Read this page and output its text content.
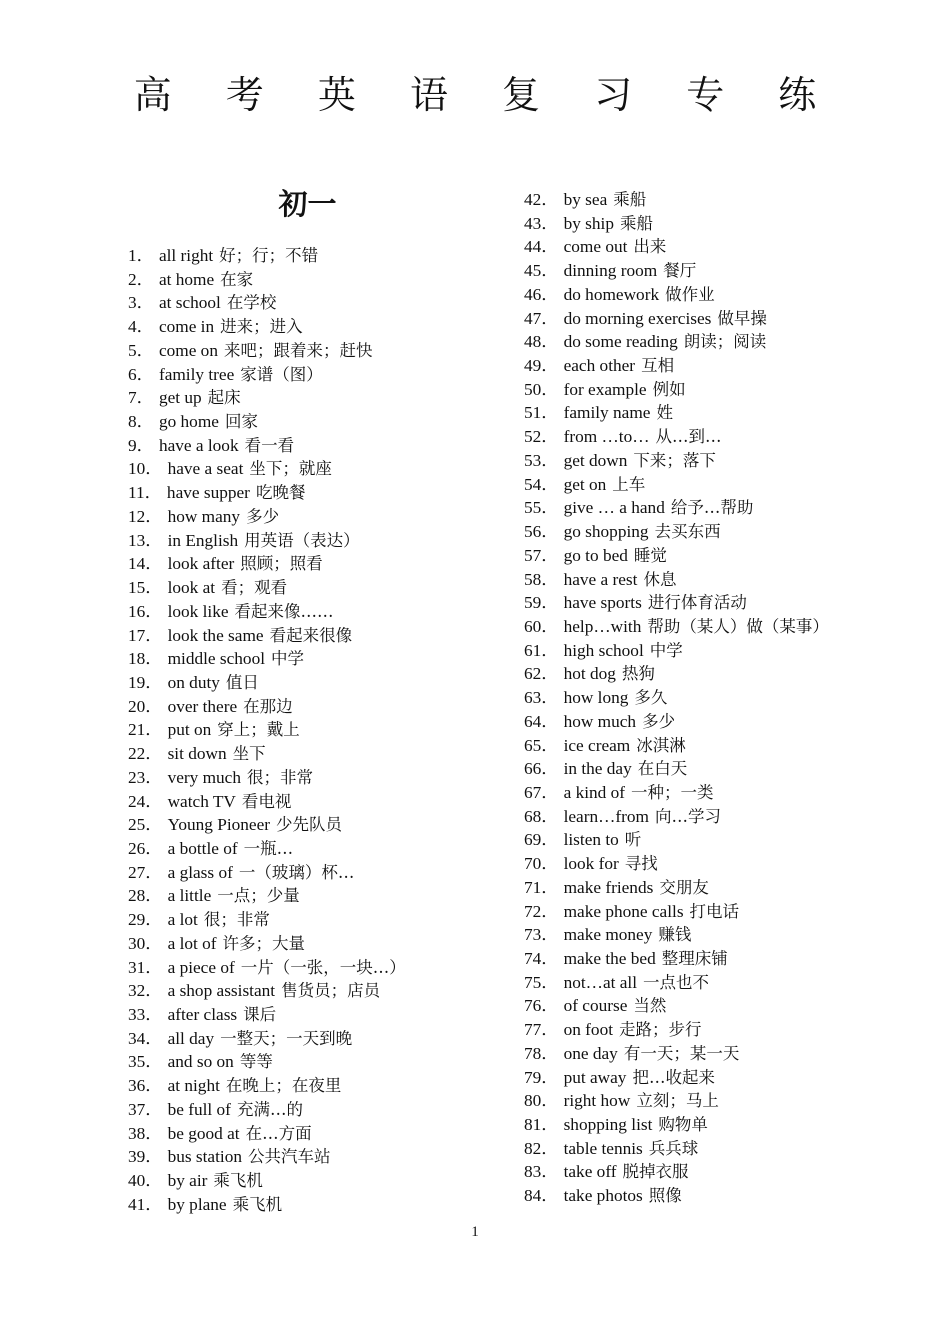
高 考 英 语 复 习 专 练
初一
1． all right 好；行；不错
2． at home 在家
3． at school 在学校
4． come in 进来；进入
5． come on 来吧；跟着来；赶快
6． family tree 家谱（图）
7． get up 起床
8． go home 回家
9． have a look 看一看
10． have a seat 坐下；就座
11． have supper 吃晚餐
12． how many 多少
13． in English 用英语（表达）
14． look after 照顾；照看
15． look at 看；观看
16． look like 看起来像……
17． look the same 看起来很像
18． middle school 中学
19． on duty 值日
20． over there 在那边
21． put on 穿上；戴上
22． sit down 坐下
23． very much 很；非常
24． watch TV 看电视
25． Young Pioneer 少先队员
26． a bottle of 一瓶…
27． a glass of 一（玻璃）杯…
28． a little 一点；少量
29． a lot 很；非常
30． a lot of 许多；大量
31． a piece of 一片（一张，一块…）
32． a shop assistant 售货员；店员
33． after class 课后
34． all day 一整天；一天到晚
35． and so on 等等
36． at night 在晚上；在夜里
37． be full of 充满…的
38． be good at 在…方面
39． bus station 公共汽车站
40． by air 乘飞机
41． by plane 乘飞机
42． by sea 乘船
43． by ship 乘船
44． come out 出来
45． dinning room 餐厅
46． do homework 做作业
47． do morning exercises 做早操
48． do some reading 朗读；阅读
49． each other 互相
50． for example 例如
51． family name 姓
52． from …to… 从…到…
53． get down 下来；落下
54． get on 上车
55． give … a hand 给予…帮助
56． go shopping 去买东西
57． go to bed 睡觉
58． have a rest 休息
59． have sports 进行体育活动
60． help…with 帮助（某人）做（某事）
61． high school 中学
62． hot dog 热狗
63． how long 多久
64． how much 多少
65． ice cream 冰淇淋
66． in the day 在白天
67． a kind of 一种；一类
68． learn…from 向…学习
69． listen to 听
70． look for 寻找
71． make friends 交朋友
72． make phone calls 打电话
73． make money 赚钱
74． make the bed 整理床铺
75． not…at all 一点也不
76． of course 当然
77． on foot 走路；步行
78． one day 有一天；某一天
79． put away 把…收起来
80． right how 立刻；马上
81． shopping list 购物单
82． table tennis 兵兵球
83． take off 脱掉衣服
84． take photos 照像
1
